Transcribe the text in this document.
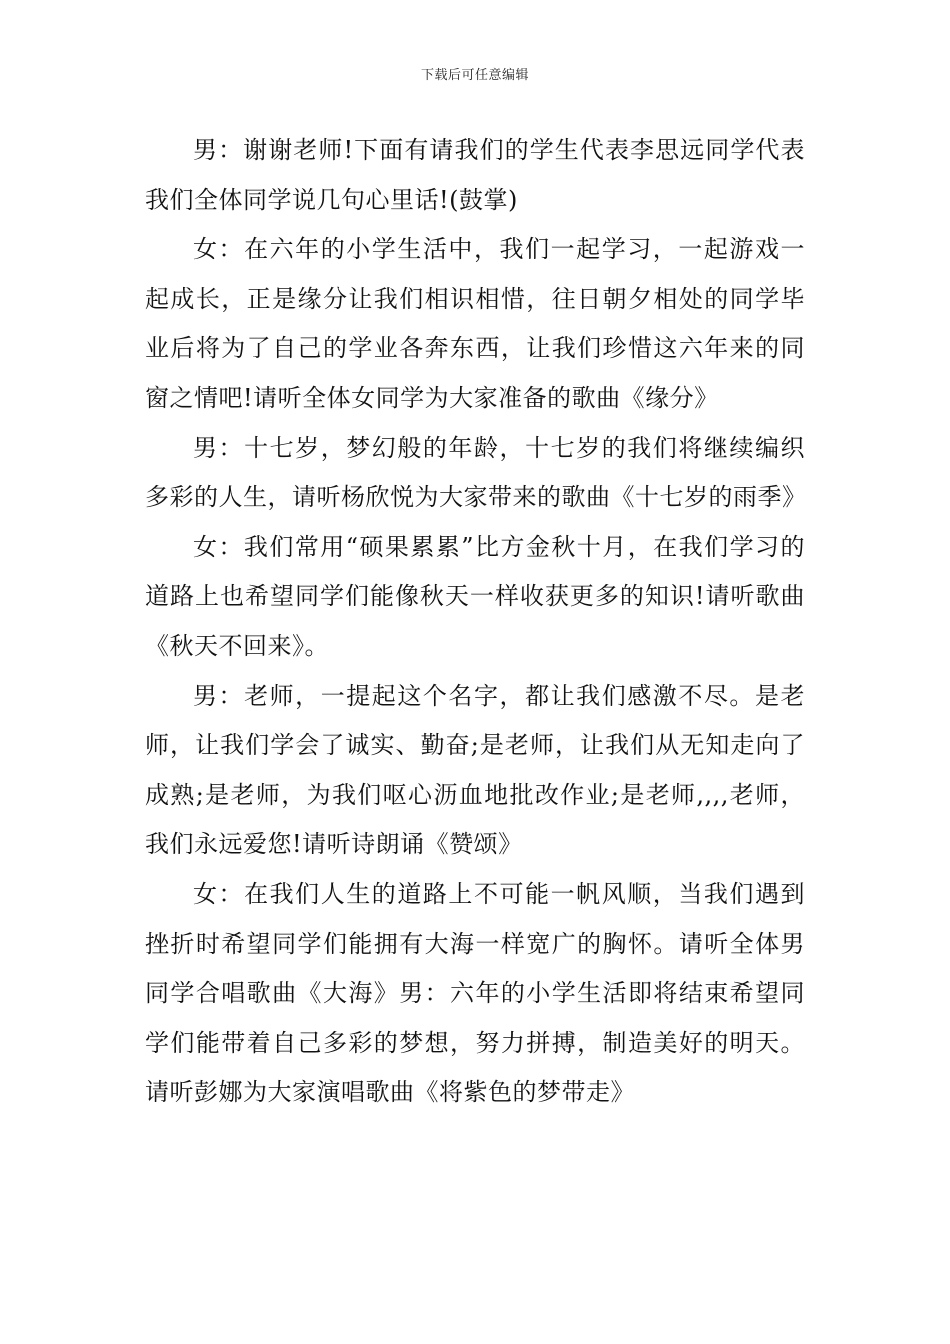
下载后可任意编辑

男：谢谢老师!下面有请我们的学生代表李思远同学代表我们全体同学说几句心里话!(鼓掌)

女：在六年的小学生活中，我们一起学习，一起游戏一起成长，正是缘分让我们相识相惜，往日朝夕相处的同学毕业后将为了自己的学业各奔东西，让我们珍惜这六年来的同窗之情吧!请听全体女同学为大家准备的歌曲《缘分》

男：十七岁，梦幻般的年龄，十七岁的我们将继续编织多彩的人生，请听杨欣悦为大家带来的歌曲《十七岁的雨季》

女：我们常用“硕果累累”比方金秋十月，在我们学习的道路上也希望同学们能像秋天一样收获更多的知识!请听歌曲《秋天不回来》。

男：老师，一提起这个名字，都让我们感激不尽。是老师，让我们学会了诚实、勤奋;是老师，让我们从无知走向了成熟;是老师，为我们呕心沥血地批改作业;是老师,,,,老师，我们永远爱您!请听诗朗诵《赞颂》

女：在我们人生的道路上不可能一帆风顺，当我们遇到挫折时希望同学们能拥有大海一样宽广的胸怀。请听全体男同学合唱歌曲《大海》男：六年的小学生活即将结束希望同学们能带着自己多彩的梦想，努力拼搏，制造美好的明天。请听彭娜为大家演唱歌曲《将紫色的梦带走》
